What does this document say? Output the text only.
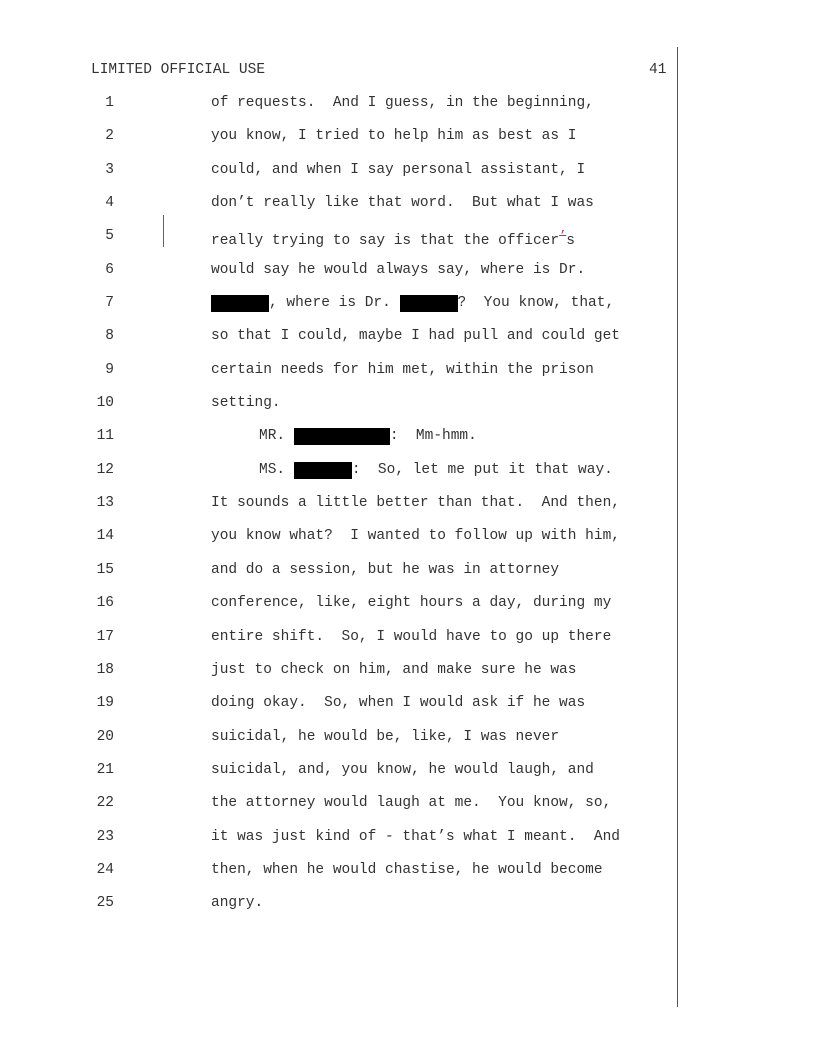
LIMITED OFFICIAL USE	41
1	of requests.  And I guess, in the beginning,
2	you know, I tried to help him as best as I
3	could, and when I say personal assistant, I
4	don’t really like that word.  But what I was
5	really trying to say is that the officer’s
6	would say he would always say, where is Dr.
7	, where is Dr.	?  You know, that,
8	so that I could, maybe I had pull and could get
9	certain needs for him met, within the prison
10	setting.
11	MR.	:  Mm-hmm.
12	MS.	:  So, let me put it that way.
13	It sounds a little better than that.  And then,
14	you know what?  I wanted to follow up with him,
15	and do a session, but he was in attorney
16	conference, like, eight hours a day, during my
17	entire shift.  So, I would have to go up there
18	just to check on him, and make sure he was
19	doing okay.  So, when I would ask if he was
20	suicidal, he would be, like, I was never
21	suicidal, and, you know, he would laugh, and
22	the attorney would laugh at me.  You know, so,
23	it was just kind of - that’s what I meant.  And
24	then, when he would chastise, he would become
25	angry.
